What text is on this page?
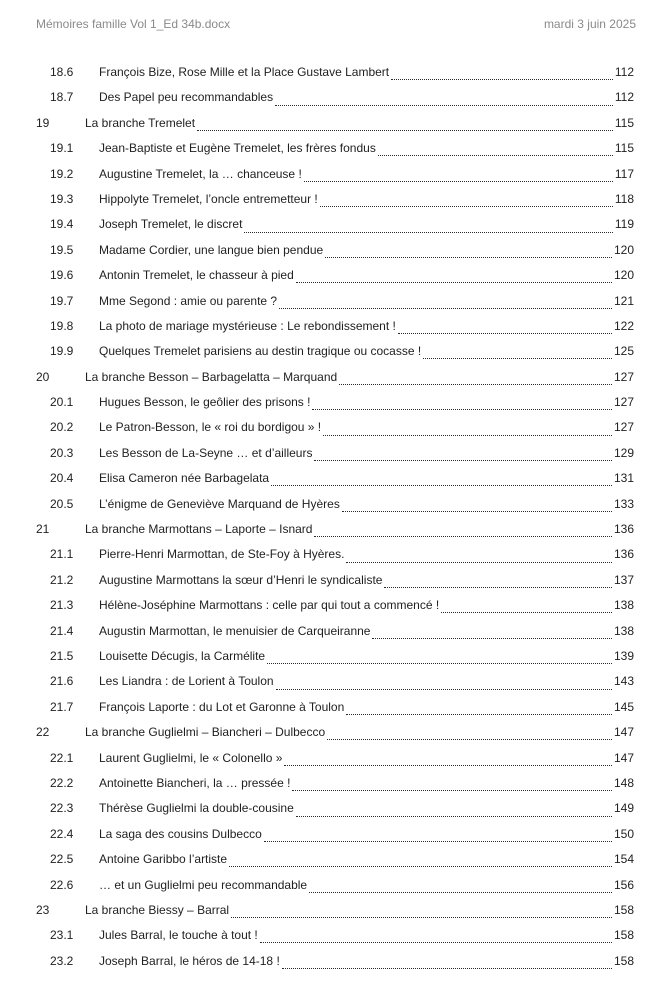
Mémoires famille Vol 1_Ed 34b.docx	mardi 3 juin 2025
18.6	François Bize, Rose Mille et la Place Gustave Lambert	112
18.7	Des Papel peu recommandables	112
19	La branche Tremelet	115
19.1	Jean-Baptiste et Eugène Tremelet, les frères fondus	115
19.2	Augustine Tremelet, la … chanceuse !	117
19.3	Hippolyte Tremelet, l’oncle entremetteur !	118
19.4	Joseph Tremelet, le discret	119
19.5	Madame Cordier, une langue bien pendue	120
19.6	Antonin Tremelet, le chasseur à pied	120
19.7	Mme Segond : amie ou parente ?	121
19.8	La photo de mariage mystérieuse : Le rebondissement !	122
19.9	Quelques Tremelet parisiens au destin tragique ou cocasse !	125
20	La branche Besson – Barbagelatta – Marquand	127
20.1	Hugues Besson, le geôlier des prisons !	127
20.2	Le Patron-Besson, le « roi du bordigou » !	127
20.3	Les Besson de La-Seyne … et d’ailleurs	129
20.4	Elisa Cameron née Barbagelata	131
20.5	L’énigme de Geneviève Marquand de Hyères	133
21	La branche Marmottans – Laporte – Isnard	136
21.1	Pierre-Henri Marmottan, de Ste-Foy à Hyères.	136
21.2	Augustine Marmottans la sœur d’Henri le syndicaliste	137
21.3	Hélène-Joséphine Marmottans : celle par qui tout a commencé !	138
21.4	Augustin Marmottan, le menuisier de Carqueiranne	138
21.5	Louisette Décugis, la Carmélite	139
21.6	Les Liandra : de Lorient à Toulon	143
21.7	François Laporte : du Lot et Garonne à Toulon	145
22	La branche Guglielmi – Biancheri – Dulbecco	147
22.1	Laurent Guglielmi, le « Colonello »	147
22.2	Antoinette Biancheri, la … pressée !	148
22.3	Thérèse Guglielmi la double-cousine	149
22.4	La saga des cousins Dulbecco	150
22.5	Antoine Garibbo l’artiste	154
22.6	… et un Guglielmi peu recommandable	156
23	La branche Biessy – Barral	158
23.1	Jules Barral, le touche à tout !	158
23.2	Joseph Barral, le héros de 14-18 !	158
